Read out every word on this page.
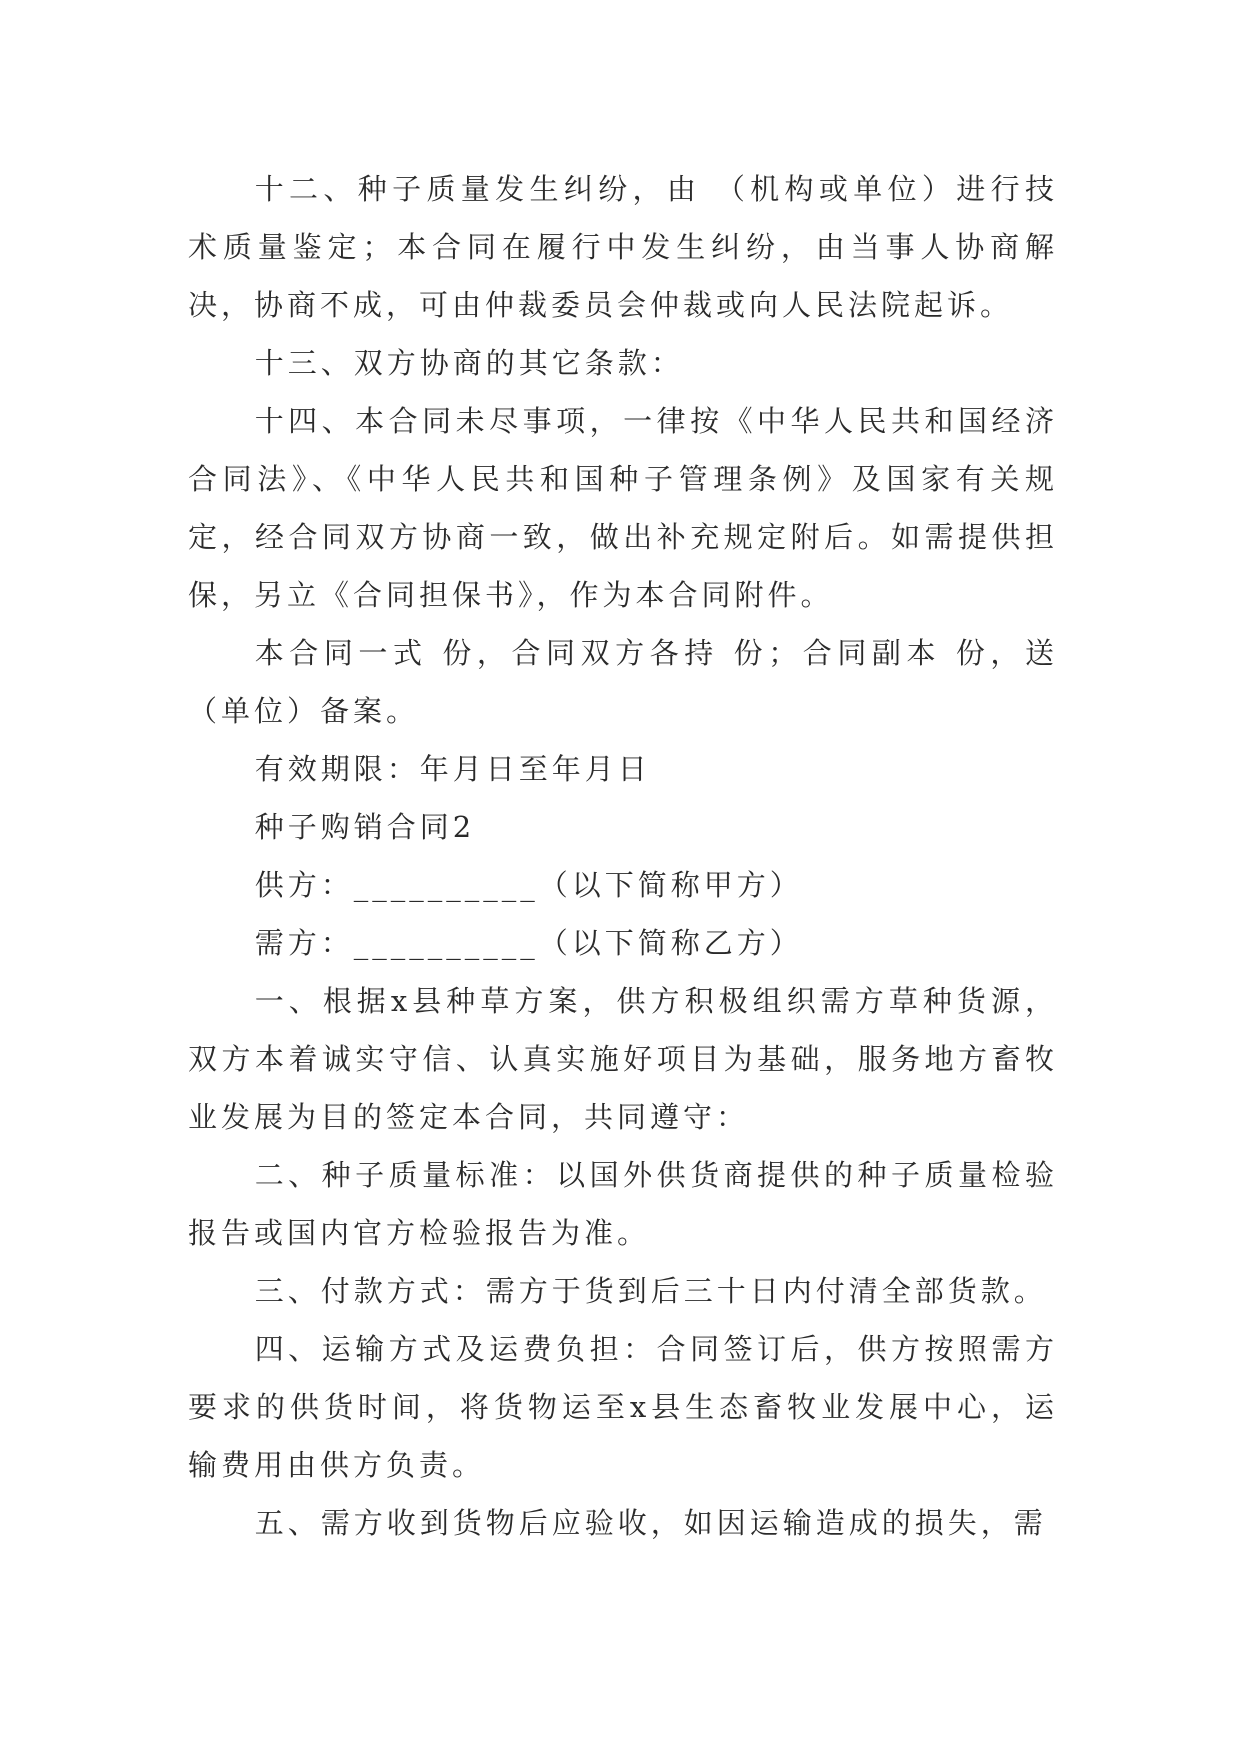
十二、种子质量发生纠纷，由 （机构或单位）进行技术质量鉴定；本合同在履行中发生纠纷，由当事人协商解决，协商不成，可由仲裁委员会仲裁或向人民法院起诉。

十三、双方协商的其它条款：

十四、本合同未尽事项，一律按《中华人民共和国经济合同法》、《中华人民共和国种子管理条例》及国家有关规定，经合同双方协商一致，做出补充规定附后。如需提供担保，另立《合同担保书》，作为本合同附件。

本合同一式 份，合同双方各持 份；合同副本 份，送（单位）备案。

有效期限：年月日至年月日

种子购销合同2

供方：__________（以下简称甲方）

需方：__________（以下简称乙方）

一、根据x县种草方案，供方积极组织需方草种货源，双方本着诚实守信、认真实施好项目为基础，服务地方畜牧业发展为目的签定本合同，共同遵守：

二、种子质量标准：以国外供货商提供的种子质量检验报告或国内官方检验报告为准。

三、付款方式：需方于货到后三十日内付清全部货款。

四、运输方式及运费负担：合同签订后，供方按照需方要求的供货时间，将货物运至x县生态畜牧业发展中心，运输费用由供方负责。

五、需方收到货物后应验收，如因运输造成的损失，需
